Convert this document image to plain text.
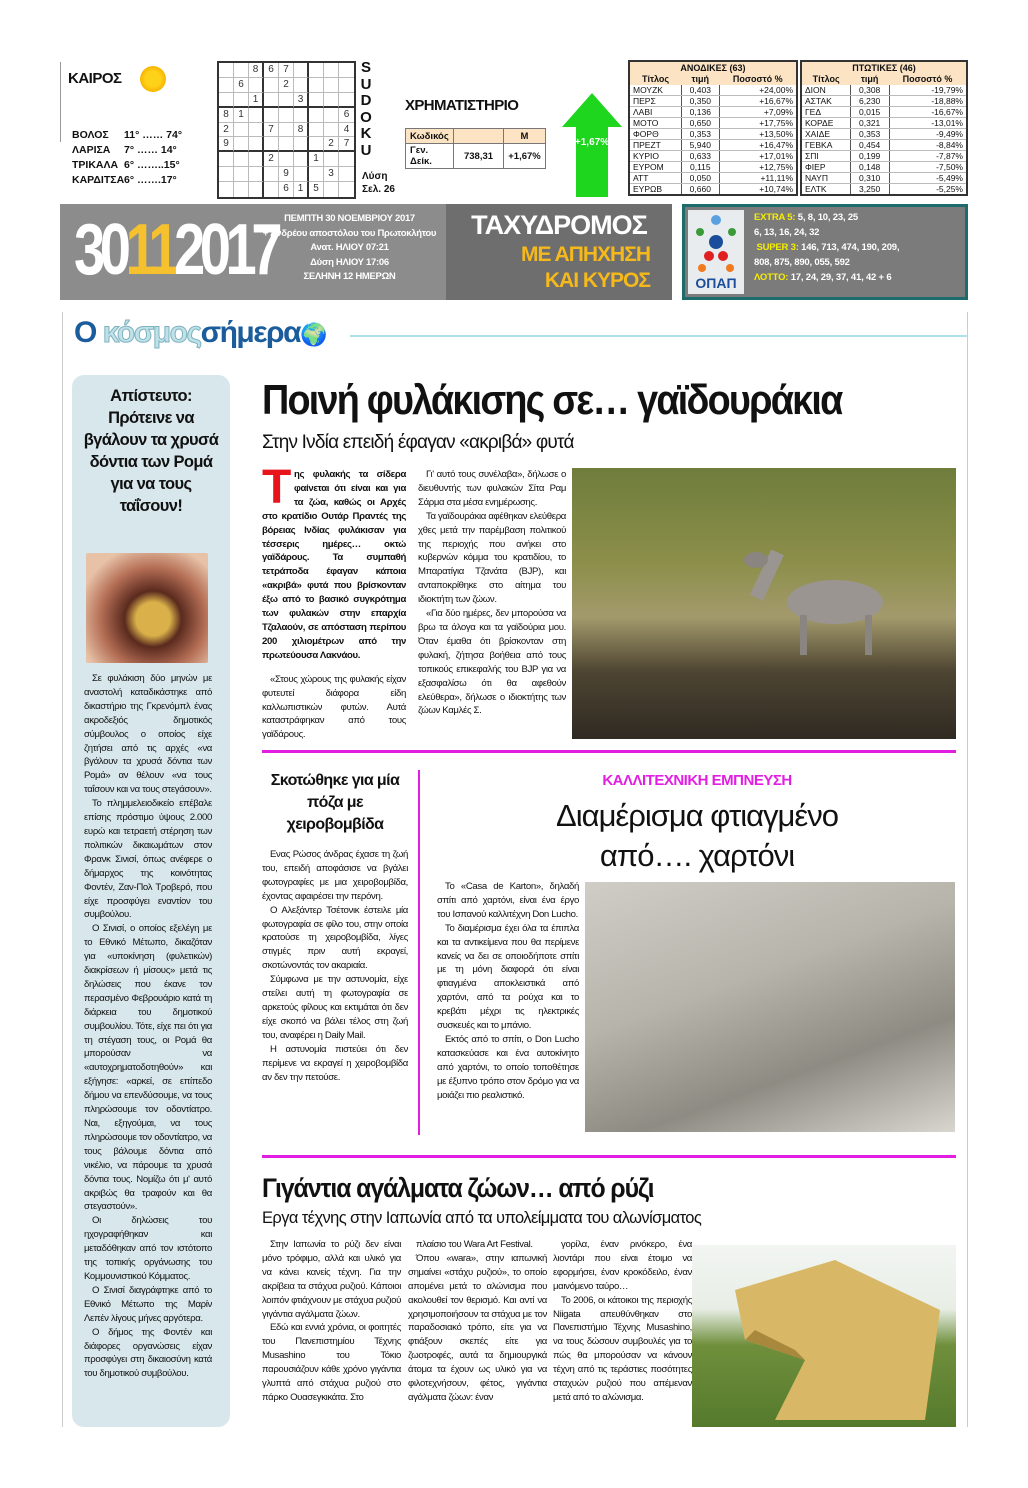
ΚΑΙΡΟΣ
ΒΟΛΟΣ	11° …… 74°
ΛΑΡΙΣΑ	7° …… 14°
ΤΡΙΚΑΛΑ 6° ……..15°
ΚΑΡΔΙΤΣΑ 6° …….17°
8 6 7
6	2
1	3
8 1	6
2	7	8	4
9	2 7
2	1
9	3
6 1 5
S
U
D
O
K
U
Λύση
Σελ. 26
ΧΡΗΜΑΤΙΣΤΗΡΙΟ
Κωδικός		Μ
Γεν. Δείκ.	738,31	+1,67%
+1,67%
ΑΝΟΔΙΚΕΣ (63)		
Τίτλος	τιμή	Ποσοστό %
ΜΟΥΖΚ	0,403	+24,00%
ΠΕΡΣ	0,350	+16,67%
ΛΑΒΙ	0,136	+7,09%
ΜΟΤΟ	0,650	+17,75%
ΦΟΡΘ	0,353	+13,50%
ΠΡΕΖΤ	5,940	+16,47%
ΚΥΡΙΟ	0,633	+17,01%
ΕΥΡΟΜ	0,115	+12,75%
ΑΤΤ	0,050	+11,11%
ΕΥΡΩΒ	0,660	+10,74%
ΠΤΩΤΙΚΕΣ (46)		
Τίτλος	τιμή	Ποσοστό %
ΔΙΟΝ	0,308	-19,79%
ΑΣΤΑΚ	6,230	-18,88%
ΓΕΔ	0,015	-16,67%
ΚΟΡΔΕ	0,321	-13,01%
ΧΑΙΔΕ	0,353	-9,49%
ΓΕΒΚΑ	0,454	-8,84%
ΣΠΙ	0,199	-7,87%
ΦΙΕΡ	0,148	-7,50%
ΝΑΥΠ	0,310	-5,49%
ΕΛΤΚ	3,250	-5,25%
30112017 ΠΕΜΠΤΗ 30 ΝΟΕΜΒΡΙΟΥ 2017
+ Ανδρέου αποστόλου του Πρωτοκλήτου
Ανατ. ΗΛΙΟΥ 07:21
Δύση ΗΛΙΟΥ 17:06
ΣΕΛΗΝΗ 12 ΗΜΕΡΩΝ
ΤΑΧΥΔΡΟΜΟΣ
ΜΕ ΑΠΗΧΗΣΗ
ΚΑΙ ΚΥΡΟΣ	ΟΠΑΠ
EXTRA 5: 5, 8, 10, 23, 25
6, 13, 16, 24, 32
SUPER 3: 146, 713, 474, 190, 209,
808, 875, 890, 055, 592
ΛΟΤΤΟ: 17, 24, 29, 37, 41, 42 + 6
Ο κόσμοςσήμερα🌍
Απίστευτο: Πρότεινε να βγάλουν τα χρυσά δόντια των Ρομά για να τους ταΐσουν!

Σε φυλάκιση δύο μηνών με αναστολή καταδικάστηκε από δικαστήριο της Γκρενόμπλ ένας ακροδεξιός δημοτικός σύμβουλος ο οποίος είχε ζητήσει από τις αρχές «να βγάλουν τα χρυσά δόντια των Ρομά» αν θέλουν «να τους ταΐσουν και να τους στεγάσουν».

Το πλημμελειοδικείο επέβαλε επίσης πρόστιμο ύψους 2.000 ευρώ και τετραετή στέρηση των πολιτικών δικαιωμάτων στον Φρανκ Σινισί, όπως ανέφερε ο δήμαρχος της κοινότητας Φοντέν, Ζαν-Πολ Τροβερό, που είχε προσφύγει εναντίον του συμβούλου.

Ο Σινισί, ο οποίος εξελέγη με το Εθνικό Μέτωπο, δικαζόταν για «υποκίνηση (φυλετικών) διακρίσεων ή μίσους» μετά τις δηλώσεις που έκανε τον περασμένο Φεβρουάριο κατά τη διάρκεια του δημοτικού συμβουλίου. Τότε, είχε πει ότι για τη στέγαση τους, οι Ρομά θα μπορούσαν να «αυτοχρηματοδοτηθούν» και εξήγησε: «αρκεί, σε επίπεδο δήμου να επενδύσουμε, να τους πληρώσουμε τον οδοντίατρο. Ναι, εξηγούμαι, να τους πληρώσουμε τον οδοντίατρο, να τους βάλουμε δόντια από νικέλιο, να πάρουμε τα χρυσά δόντια τους. Νομίζω ότι μ' αυτό ακριβώς θα τραφούν και θα στεγαστούν».

Οι δηλώσεις του ηχογραφήθηκαν και μεταδόθηκαν από τον ιστότοπο της τοπικής οργάνωσης του Κομμουνιστικού Κόμματος.

Ο Σινισί διαγράφτηκε από το Εθνικό Μέτωπο της Μαρίν Λεπέν λίγους μήνες αργότερα.

Ο δήμος της Φοντέν και διάφορες οργανώσεις είχαν προσφύγει στη δικαιοσύνη κατά του δημοτικού συμβούλου.

Ποινή φυλάκισης σε… γαϊδουράκια
Στην Ινδία επειδή έφαγαν «ακριβά» φυτά

Της φυλακής τα σίδερα φαίνεται ότι είναι και για τα ζώα, καθώς οι Αρχές στο κρατίδιο Ουτάρ Πραντές της βόρειας Ινδίας φυλάκισαν για τέσσερις ημέρες… οκτώ γαϊδάρους. Τα συμπαθή τετράποδα έφαγαν κάποια «ακριβά» φυτά που βρίσκονταν έξω από το βασικό συγκρότημα των φυλακών στην επαρχία Τζαλαούν, σε απόσταση περίπου 200 χιλιομέτρων από την πρωτεύουσα Λακνάου.

«Στους χώρους της φυλακής είχαν φυτευτεί διάφορα είδη καλλωπιστικών φυτών. Αυτά καταστράφηκαν από τους γαϊδάρους.

Γι' αυτό τους συνέλαβα», δήλωσε ο διευθυντής των φυλακών Σίτα Ραμ Σάρμα στα μέσα ενημέρωσης.

Τα γαϊδουράκια αφέθηκαν ελεύθερα χθες μετά την παρέμβαση πολιτικού της περιοχής που ανήκει στο κυβερνών κόμμα του κρατιδίου, το Μπαρατίγια Τζανάτα (BJP), και ανταποκρίθηκε στο αίτημα του ιδιοκτήτη των ζώων.

«Για δύο ημέρες, δεν μπορούσα να βρω τα άλογα και τα γαϊδούρια μου. Όταν έμαθα ότι βρίσκονταν στη φυλακή, ζήτησα βοήθεια από τους τοπικούς επικεφαλής του BJP για να εξασφαλίσω ότι θα αφεθούν ελεύθερα», δήλωσε ο ιδιοκτήτης των ζώων Καμλές Σ.

Σκοτώθηκε για μία πόζα με χειροβομβίδα

Ενας Ρώσος άνδρας έχασε τη ζωή του, επειδή αποφάσισε να βγάλει φωτογραφίες με μια χειροβομβίδα, έχοντας αφαιρέσει την περόνη.

Ο Αλεξάντερ Τσέτονικ έστειλε μία φωτογραφία σε φίλο του, στην οποία κρατούσε τη χειροβομβίδα, λίγες στιγμές πριν αυτή εκραγεί, σκοτώνοντάς τον ακαριαία.

Σύμφωνα με την αστυνομία, είχε στείλει αυτή τη φωτογραφία σε αρκετούς φίλους και εκτιμάται ότι δεν είχε σκοπό να βάλει τέλος στη ζωή του, αναφέρει η Daily Mail.

Η αστυνομία πιστεύει ότι δεν περίμενε να εκραγεί η χειροβομβίδα αν δεν την πετούσε.

ΚΑΛΛΙΤΕΧΝΙΚΗ ΕΜΠΝΕΥΣΗ
Διαμέρισμα φτιαγμένο
από…. χαρτόνι

Το «Casa de Karton», δηλαδή σπίτι από χαρτόνι, είναι ένα έργο του Ισπανού καλλιτέχνη Don Lucho.

Το διαμέρισμα έχει όλα τα έπιπλα και τα αντικείμενα που θα περίμενε κανείς να δει σε οποιοδήποτε σπίτι με τη μόνη διαφορά ότι είναι φτιαγμένα αποκλειστικά από χαρτόνι, από τα ρούχα και το κρεβάτι μέχρι τις ηλεκτρικές συσκευές και το μπάνιο.

Εκτός από το σπίτι, ο Don Lucho κατασκεύασε και ένα αυτοκίνητο από χαρτόνι, το οποίο τοποθέτησε με έξυπνο τρόπο στον δρόμο για να μοιάζει πιο ρεαλιστικό.

Γιγάντια αγάλματα ζώων… από ρύζι
Εργα τέχνης στην Ιαπωνία από τα υπολείμματα του αλωνίσματος

Στην Ιαπωνία το ρύζι δεν είναι μόνο τρόφιμο, αλλά και υλικό για να κάνει κανείς τέχνη. Για την ακρίβεια τα στάχυα ρυζιού. Κάποιοι λοιπόν φτιάχνουν με στάχυα ρυζιού γιγάντια αγάλματα ζώων.

Εδώ και εννιά χρόνια, οι φοιτητές του Πανεπιστημίου Τέχνης Musashino του Τόκιο παρουσιάζουν κάθε χρόνο γιγάντια γλυπτά από στάχυα ρυζιού στο πάρκο Ουασεγκικάτα. Στο

πλαίσιο του Wara Art Festival.

Όπου «wara», στην ιαπωνική σημαίνει «στάχυ ρυζιού», το οποίο απομένει μετά το αλώνισμα που ακολουθεί τον θερισμό. Και αντί να χρησιμοποιήσουν τα στάχυα με τον παραδοσιακό τρόπο, είτε για να φτιάξουν σκεπές είτε για ζωοτροφές, αυτά τα δημιουργικά άτομα τα έχουν ως υλικό για να φιλοτεχνήσουν, φέτος, γιγάντια αγάλματα ζώων: έναν

γορίλα, έναν ρινόκερο, ένα λιοντάρι που είναι έτοιμο να εφορμήσει, έναν κροκόδειλο, έναν μαινόμενο ταύρο…

Το 2006, οι κάτοικοι της περιοχής Niigata απευθύνθηκαν στο Πανεπιστήμιο Τέχνης Musashino, να τους δώσουν συμβουλές για το πώς θα μπορούσαν να κάνουν τέχνη από τις τεράστιες ποσότητες σταχυών ρυζιού που απέμεναν μετά από το αλώνισμα.
